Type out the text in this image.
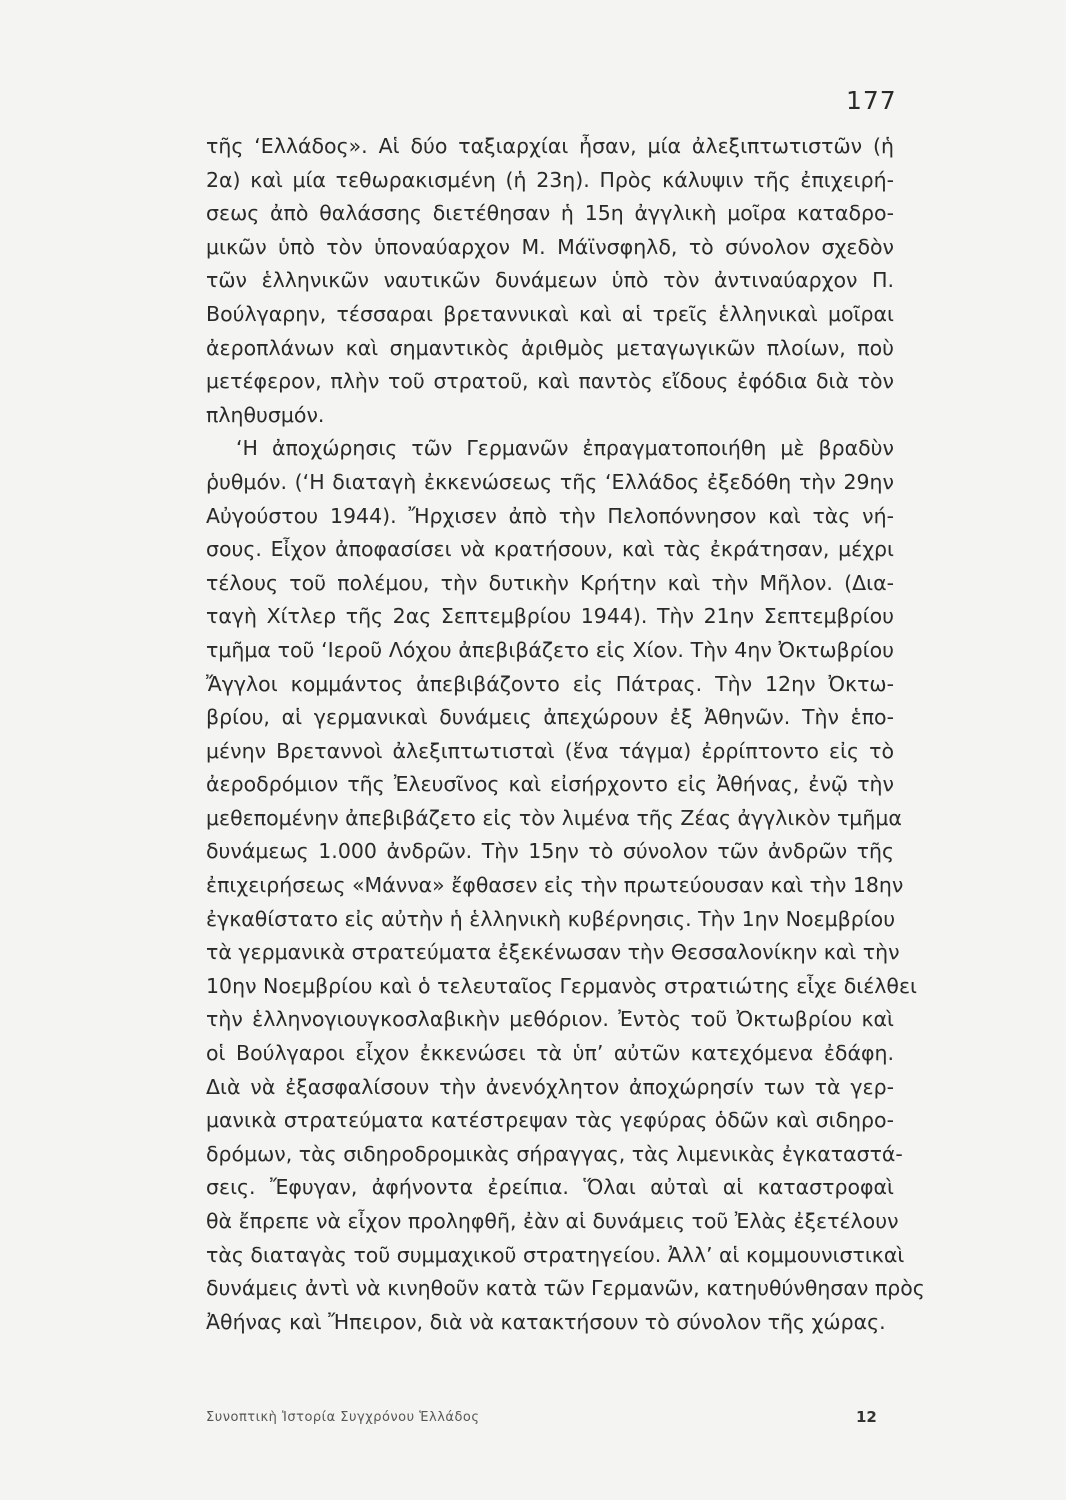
177
τῆς ‘Ελλάδος». Αἱ δύο ταξιαρχίαι ἦσαν, μία ἀλεξιπτωτιστῶν (ἡ
2α) καὶ μία τεθωρακισμένη (ἡ 23η). Πρὸς κάλυψιν τῆς ἐπιχειρή-
σεως ἀπὸ θαλάσσης διετέθησαν ἡ 15η ἀγγλικὴ μοῖρα καταδρο-
μικῶν ὑπὸ τὸν ὑποναύαρχον Μ. Μάϊνσφηλδ, τὸ σύνολον σχεδὸν
τῶν ἑλληνικῶν ναυτικῶν δυνάμεων ὑπὸ τὸν ἀντιναύαρχον Π.
Βούλγαρην, τέσσαραι βρεταννικαὶ καὶ αἱ τρεῖς ἑλληνικαὶ μοῖραι
ἀεροπλάνων καὶ σημαντικὸς ἀριθμὸς μεταγωγικῶν πλοίων, ποὺ
μετέφερον, πλὴν τοῦ στρατοῦ, καὶ παντὸς εἴδους ἐφόδια διὰ τὸν
πληθυσμόν.
‘Η ἀποχώρησις τῶν Γερμανῶν ἐπραγματοποιήθη μὲ βραδὺν
ῥυθμόν. (‘Η διαταγὴ ἐκκενώσεως τῆς ‘Ελλάδος ἐξεδόθη τὴν 29ην
Αὐγούστου 1944). Ἤρχισεν ἀπὸ τὴν Πελοπόννησον καὶ τὰς νή-
σους. Εἶχον ἀποφασίσει νὰ κρατήσουν, καὶ τὰς ἐκράτησαν, μέχρι
τέλους τοῦ πολέμου, τὴν δυτικὴν Κρήτην καὶ τὴν Μῆλον. (Δια-
ταγὴ Χίτλερ τῆς 2ας Σεπτεμβρίου 1944). Τὴν 21ην Σεπτεμβρίου
τμῆμα τοῦ ‘Ιεροῦ Λόχου ἀπεβιβάζετο εἰς Χίον. Τὴν 4ην Ὀκτωβρίου
Ἄγγλοι κομμάντος ἀπεβιβάζοντο εἰς Πάτρας. Τὴν 12ην Ὀκτω-
βρίου, αἱ γερμανικαὶ δυνάμεις ἀπεχώρουν ἐξ Ἀθηνῶν. Τὴν ἑπο-
μένην Βρεταννοὶ ἀλεξιπτωτισταὶ (ἕνα τάγμα) ἐρρίπτοντο εἰς τὸ
ἀεροδρόμιον τῆς Ἐλευσῖνος καὶ εἰσήρχοντο εἰς Ἀθήνας, ἐνῷ τὴν
μεθεπομένην ἀπεβιβάζετο εἰς τὸν λιμένα τῆς Ζέας ἀγγλικὸν τμῆμα
δυνάμεως 1.000 ἀνδρῶν. Τὴν 15ην τὸ σύνολον τῶν ἀνδρῶν τῆς
ἐπιχειρήσεως «Μάννα» ἔφθασεν εἰς τὴν πρωτεύουσαν καὶ τὴν 18ην
ἐγκαθίστατο εἰς αὐτὴν ἡ ἑλληνικὴ κυβέρνησις. Τὴν 1ην Νοεμβρίου
τὰ γερμανικὰ στρατεύματα ἐξεκένωσαν τὴν Θεσσαλονίκην καὶ τὴν
10ην Νοεμβρίου καὶ ὁ τελευταῖος Γερμανὸς στρατιώτης εἶχε διέλθει
τὴν ἑλληνογιουγκοσλαβικὴν μεθόριον. Ἐντὸς τοῦ Ὀκτωβρίου καὶ
οἱ Βούλγαροι εἶχον ἐκκενώσει τὰ ὑπ’ αὐτῶν κατεχόμενα ἐδάφη.
Διὰ νὰ ἐξασφαλίσουν τὴν ἀνενόχλητον ἀποχώρησίν των τὰ γερ-
μανικὰ στρατεύματα κατέστρεψαν τὰς γεφύρας ὁδῶν καὶ σιδηρο-
δρόμων, τὰς σιδηροδρομικὰς σήραγγας, τὰς λιμενικὰς ἐγκαταστά-
σεις. Ἔφυγαν, ἀφήνοντα ἐρείπια. Ὅλαι αὐταὶ αἱ καταστροφαὶ
θὰ ἔπρεπε νὰ εἶχον προληφθῆ, ἐὰν αἱ δυνάμεις τοῦ Ἐλὰς ἐξετέλουν
τὰς διαταγὰς τοῦ συμμαχικοῦ στρατηγείου. Ἀλλ’ αἱ κομμουνιστικαὶ
δυνάμεις ἀντὶ νὰ κινηθοῦν κατὰ τῶν Γερμανῶν, κατηυθύνθησαν πρὸς
Ἀθήνας καὶ Ἤπειρον, διὰ νὰ κατακτήσουν τὸ σύνολον τῆς χώρας.
Συνοπτικὴ Ἱστορία Συγχρόνου Ἑλλάδος	12
